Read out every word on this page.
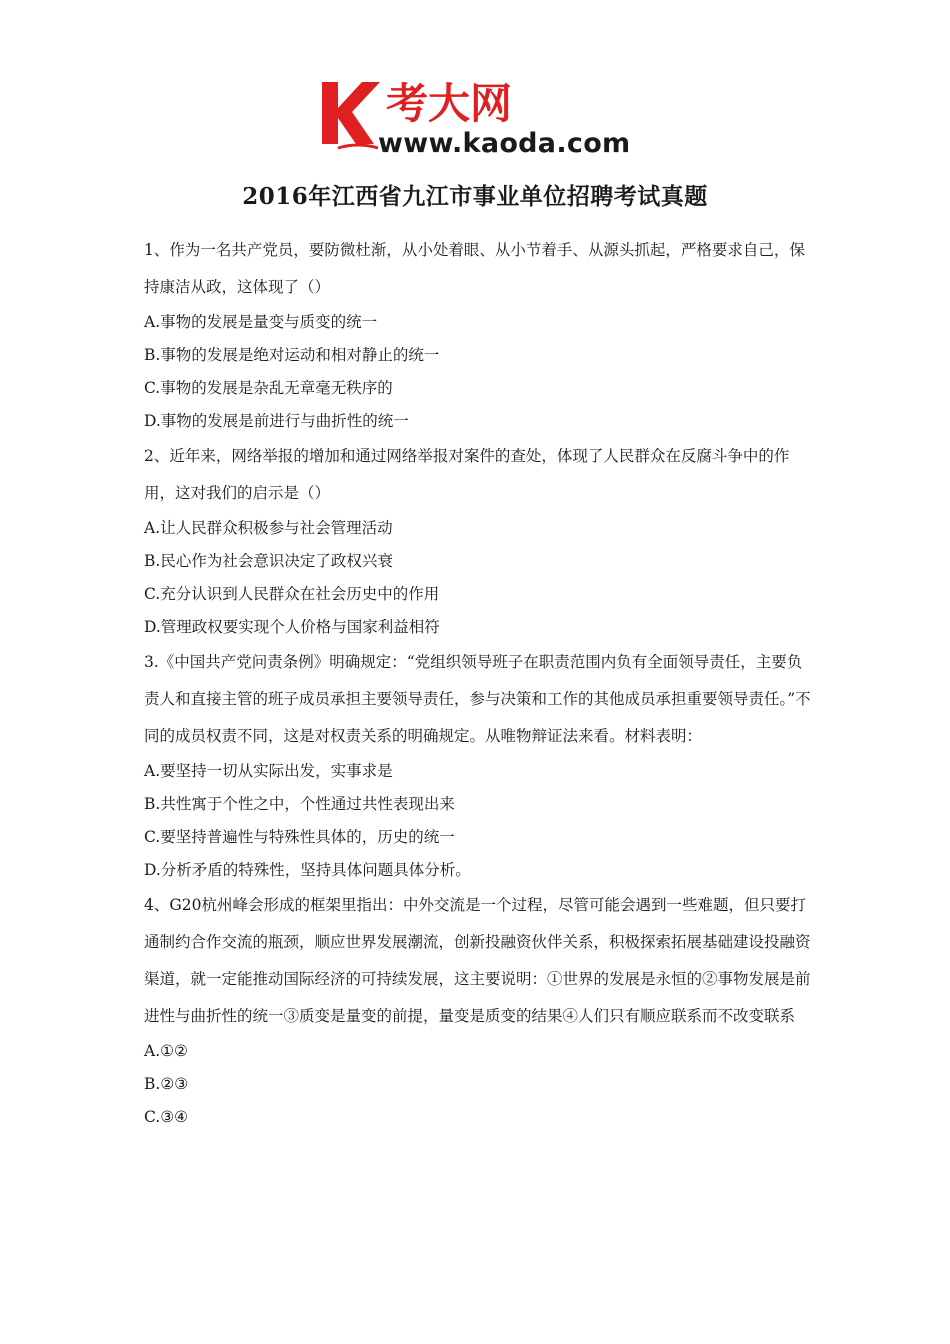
考大网
www.kaoda.com
2016年江西省九江市事业单位招聘考试真题

1、作为一名共产党员，要防微杜渐，从小处着眼、从小节着手、从源头抓起，严格要求自己，保持康洁从政，这体现了（）

A.事物的发展是量变与质变的统一

B.事物的发展是绝对运动和相对静止的统一

C.事物的发展是杂乱无章毫无秩序的

D.事物的发展是前进行与曲折性的统一

2、近年来，网络举报的增加和通过网络举报对案件的查处，体现了人民群众在反腐斗争中的作用，这对我们的启示是（）

A.让人民群众积极参与社会管理活动

B.民心作为社会意识决定了政权兴衰

C.充分认识到人民群众在社会历史中的作用

D.管理政权要实现个人价格与国家利益相符

3.《中国共产党问责条例》明确规定：“党组织领导班子在职责范围内负有全面领导责任，主要负责人和直接主管的班子成员承担主要领导责任，参与决策和工作的其他成员承担重要领导责任。”不同的成员权责不同，这是对权责关系的明确规定。从唯物辩证法来看。材料表明：

A.要坚持一切从实际出发，实事求是

B.共性寓于个性之中，个性通过共性表现出来

C.要坚持普遍性与特殊性具体的，历史的统一

D.分析矛盾的特殊性，坚持具体问题具体分析。

4、G20杭州峰会形成的框架里指出：中外交流是一个过程，尽管可能会遇到一些难题，但只要打通制约合作交流的瓶颈，顺应世界发展潮流，创新投融资伙伴关系，积极探索拓展基础建设投融资渠道，就一定能推动国际经济的可持续发展，这主要说明：①世界的发展是永恒的②事物发展是前进性与曲折性的统一③质变是量变的前提，量变是质变的结果④人们只有顺应联系而不改变联系

A.①②

B.②③

C.③④
